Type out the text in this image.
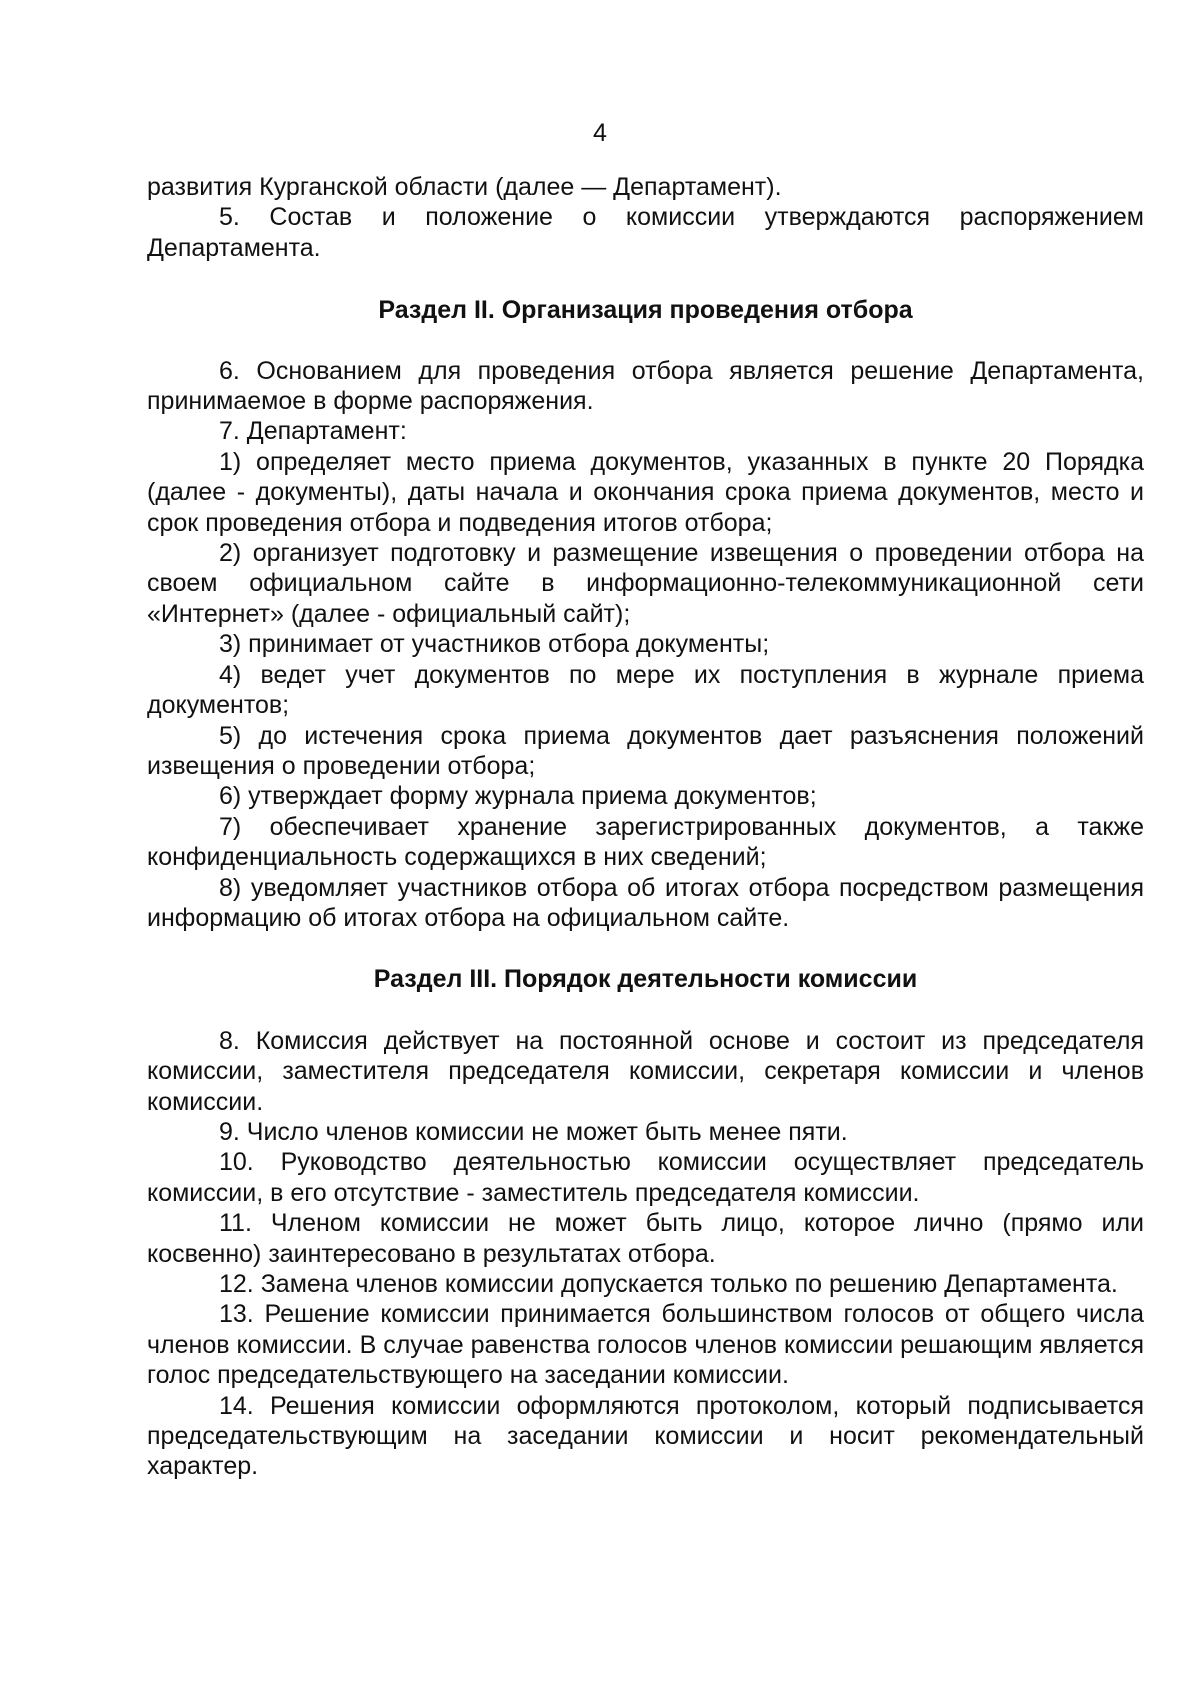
4

развития Курганской области (далее — Департамент).

5. Состав и положение о комиссии утверждаются распоряжением Департамента.

Раздел II. Организация проведения отбора

6. Основанием для проведения отбора является решение Департамента, принимаемое в форме распоряжения.

7. Департамент:

1) определяет место приема документов, указанных в пункте 20 Порядка (далее - документы), даты начала и окончания срока приема документов, место и срок проведения отбора и подведения итогов отбора;

2) организует подготовку и размещение извещения о проведении отбора на своем официальном сайте в информационно-телекоммуникационной сети «Интернет» (далее - официальный сайт);

3) принимает от участников отбора документы;

4) ведет учет документов по мере их поступления в журнале приема документов;

5) до истечения срока приема документов дает разъяснения положений извещения о проведении отбора;

6) утверждает форму журнала приема документов;

7) обеспечивает хранение зарегистрированных документов, а также конфиденциальность содержащихся в них сведений;

8) уведомляет участников отбора об итогах отбора посредством размещения информацию об итогах отбора на официальном сайте.

Раздел III. Порядок деятельности комиссии

8. Комиссия действует на постоянной основе и состоит из председателя комиссии, заместителя председателя комиссии, секретаря комиссии и членов комиссии.

9. Число членов комиссии не может быть менее пяти.

10. Руководство деятельностью комиссии осуществляет председатель комиссии, в его отсутствие - заместитель председателя комиссии.

11. Членом комиссии не может быть лицо, которое лично (прямо или косвенно) заинтересовано в результатах отбора.

12. Замена членов комиссии допускается только по решению Департамента.

13. Решение комиссии принимается большинством голосов от общего числа членов комиссии. В случае равенства голосов членов комиссии решающим является голос председательствующего на заседании комиссии.

14. Решения комиссии оформляются протоколом, который подписывается председательствующим на заседании комиссии и носит рекомендательный характер.
